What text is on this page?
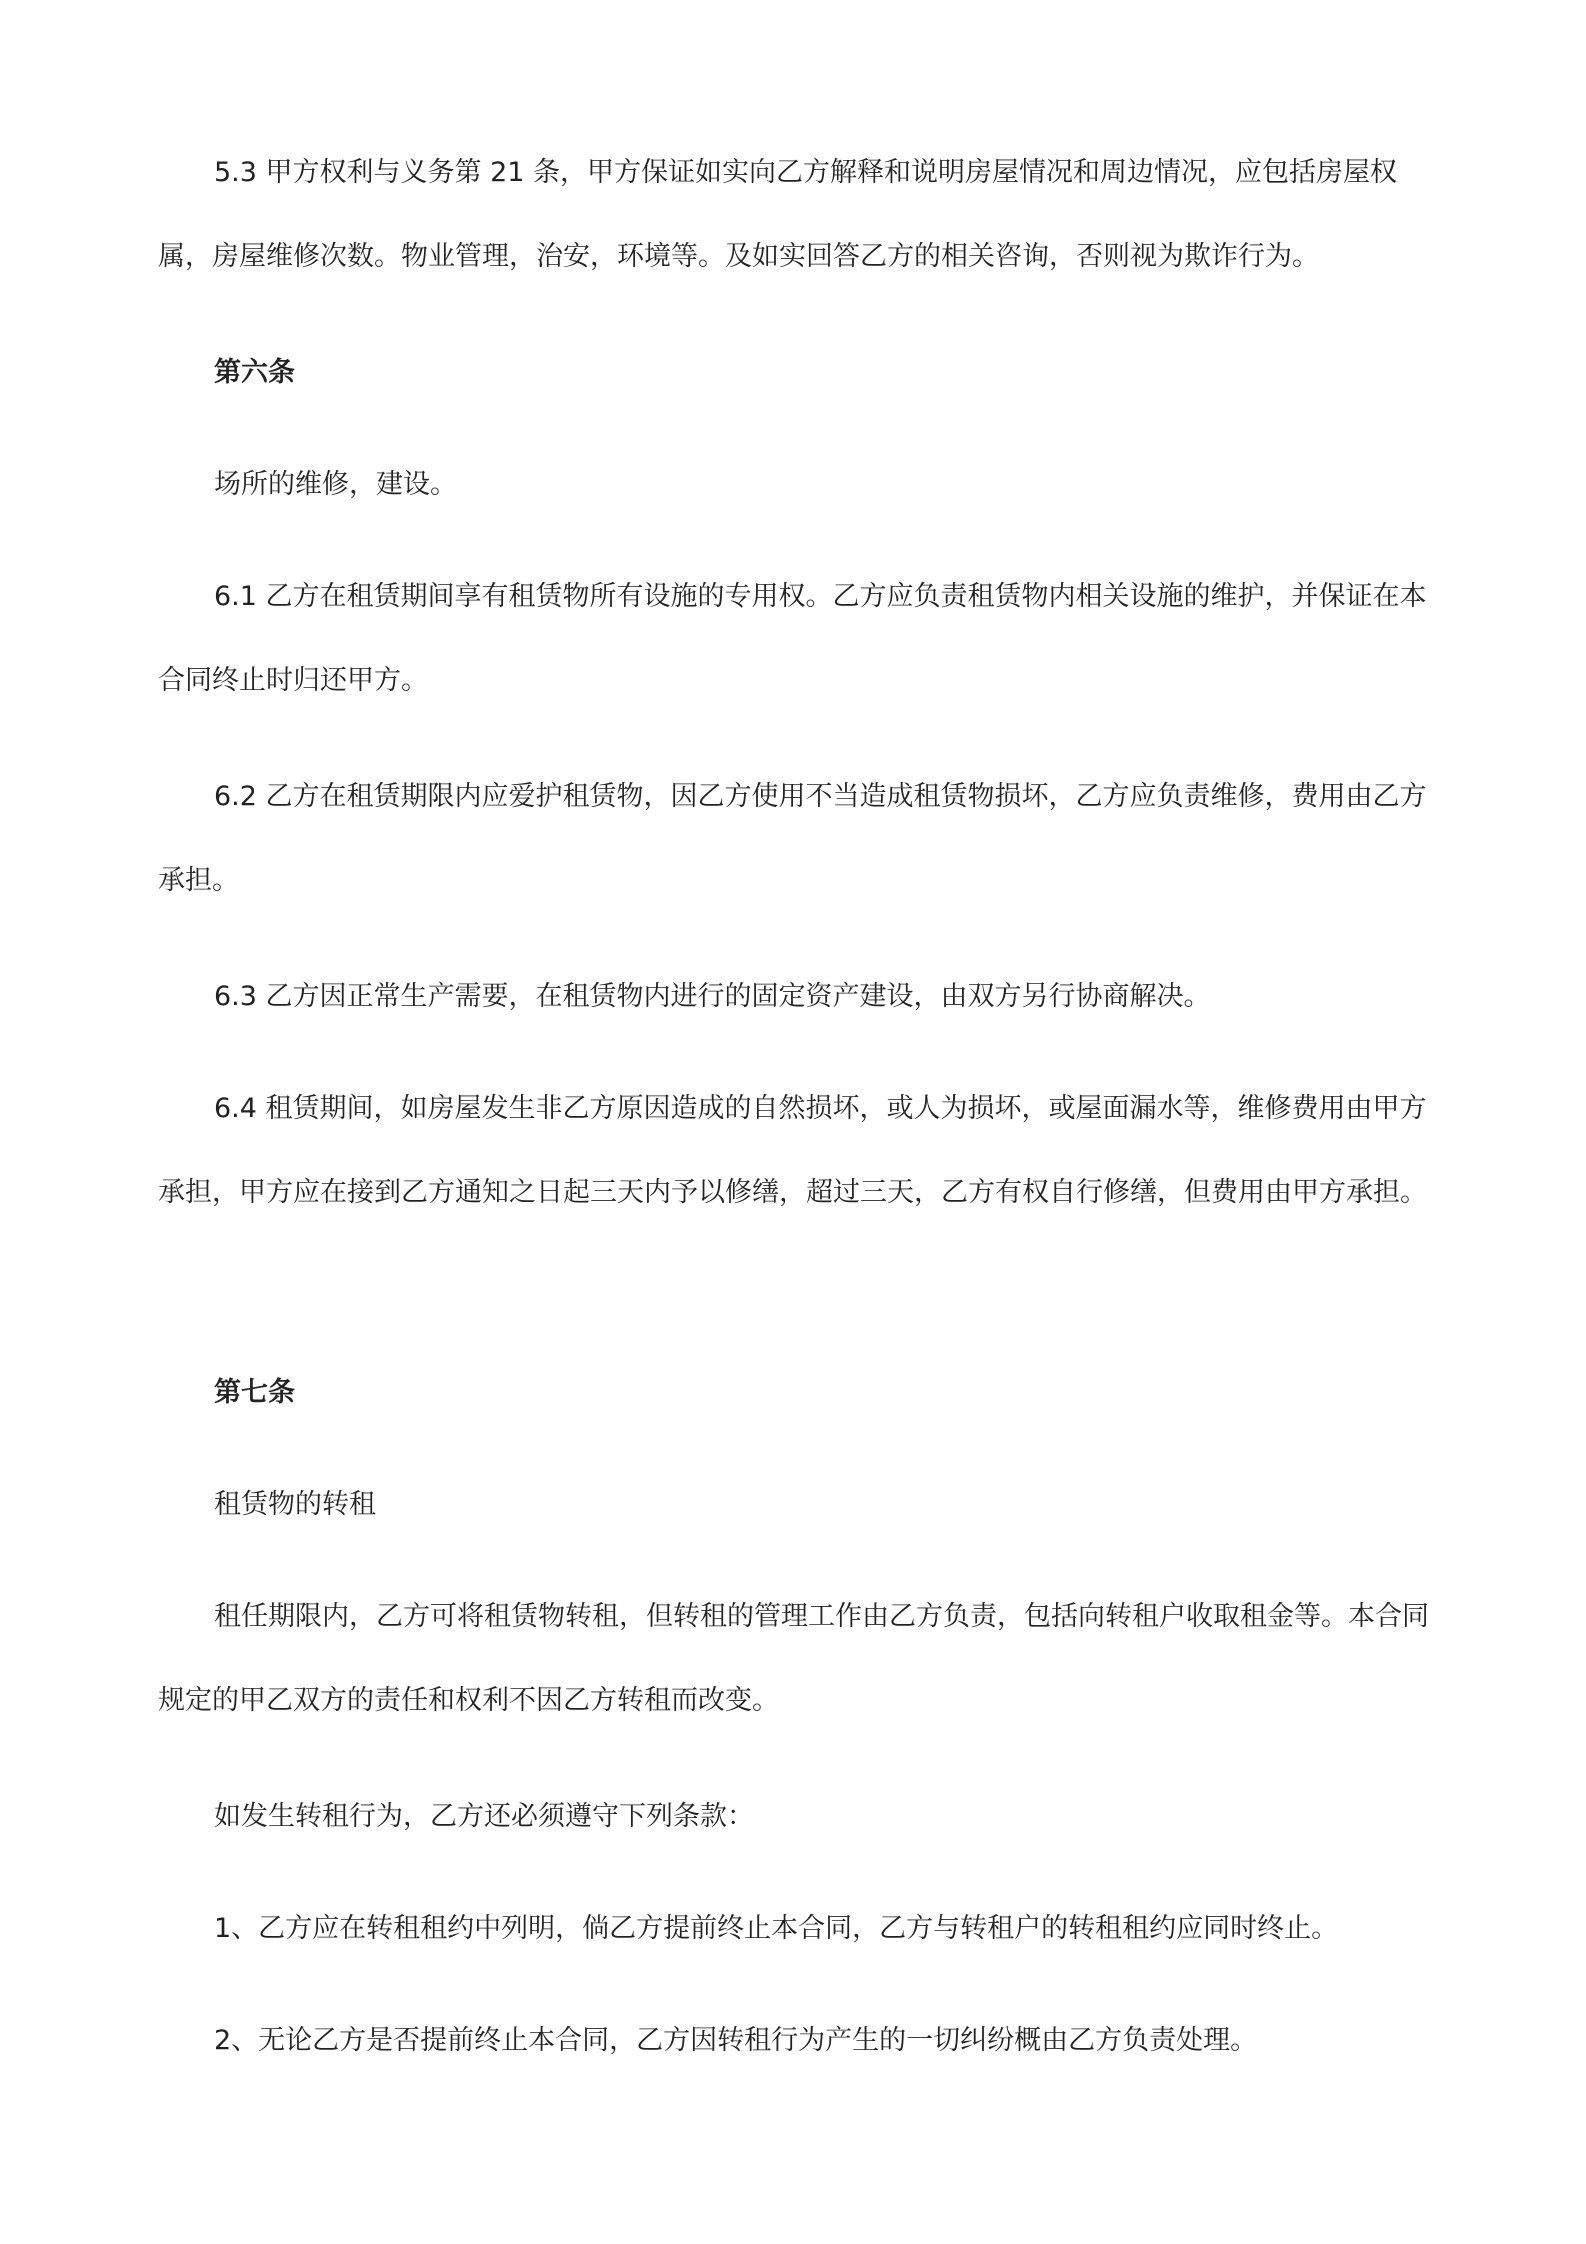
5.3 甲方权利与义务第 21 条，甲方保证如实向乙方解释和说明房屋情况和周边情况，应包括房屋权属，房屋维修次数。物业管理，治安，环境等。及如实回答乙方的相关咨询，否则视为欺诈行为。

第六条

场所的维修，建设。

6.1 乙方在租赁期间享有租赁物所有设施的专用权。乙方应负责租赁物内相关设施的维护，并保证在本合同终止时归还甲方。

6.2 乙方在租赁期限内应爱护租赁物，因乙方使用不当造成租赁物损坏，乙方应负责维修，费用由乙方承担。

6.3 乙方因正常生产需要，在租赁物内进行的固定资产建设，由双方另行协商解决。

6.4 租赁期间，如房屋发生非乙方原因造成的自然损坏，或人为损坏，或屋面漏水等，维修费用由甲方承担，甲方应在接到乙方通知之日起三天内予以修缮，超过三天，乙方有权自行修缮，但费用由甲方承担。

第七条

租赁物的转租

租任期限内，乙方可将租赁物转租，但转租的管理工作由乙方负责，包括向转租户收取租金等。本合同规定的甲乙双方的责任和权利不因乙方转租而改变。

如发生转租行为，乙方还必须遵守下列条款：

1、乙方应在转租租约中列明，倘乙方提前终止本合同，乙方与转租户的转租租约应同时终止。

2、无论乙方是否提前终止本合同，乙方因转租行为产生的一切纠纷概由乙方负责处理。
